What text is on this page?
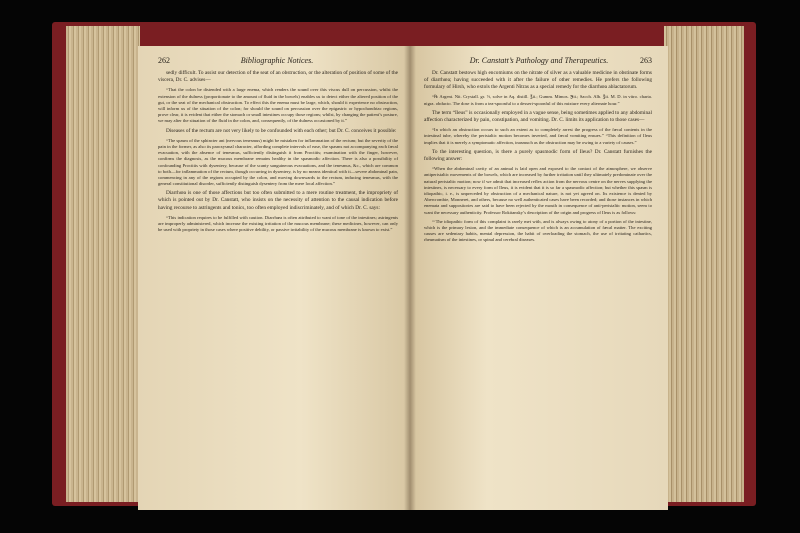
262	Bibliographic Notices.

sedly difficult. To assist our detection of the seat of an obstruction, or the alteration of position of some of the viscera, Dr. C. advises—

“That the colon be distended with a large enema, which renders the sound over this viscus dull on percussion, whilst the extension of the dulness (proportionate to the amount of fluid in the bowels) enables us to detect either the altered position of the gut, or the seat of the mechanical obstruction. To effect this the enema must be large, which, should it experience no obstruction, will inform us of the situation of the colon; for should the sound on percussion over the epigastric or hypochondriac regions, prove clear, it is evident that either the stomach or small intestines occupy those regions; whilst, by changing the patient’s posture, we may alter the situation of the fluid in the colon, and, consequently, of the dulness occasioned by it.”

Diseases of the rectum are not very likely to be confounded with each other; but Dr. C. conceives it possible:

“The spasm of the sphincter ani (nervous tenesmus) might be mistaken for inflammation of the rectum; but the severity of the pain in the former, as also its paroxysmal character, affording complete intervals of ease, the spasms not accompanying each fæcal evacuation, with the absence of tenesmus, sufficiently distinguish it from Proctitis; examination with the finger, however, confirms the diagnosis, as the mucous membrane remains healthy in the spasmodic affection. There is also a possibility of confounding Proctitis with dysentery, because of the scanty sanguineous evacuations, and the tenesmus, &c., which are common to both—for inflammation of the rectum, though occurring in dysentery, is by no means identical with it—severe abdominal pain, commencing in any of the regions occupied by the colon, and moving downwards to the rectum, inducing tenesmus, with the general constitutional disorder, sufficiently distinguish dysentery from the mere local affection.”

Diarrhœa is one of those affections but too often submitted to a mere routine treatment, the impropriety of which is pointed out by Dr. Canstatt, who insists on the necessity of attention to the causal indication before having recourse to astringents and tonics, too often employed indiscriminately, and of which Dr. C. says:

“This indication requires to be fulfilled with caution. Diarrhœa is often attributed to want of tone of the intestines; astringents are improperly administered, which increase the existing irritation of the mucous membrane; these medicines, however, can only be used with propriety in those cases where positive debility, or passive irritability of the mucous membrane is known to exist.”

Dr. Canstatt’s Pathology and Therapeutics.	263

Dr. Canstatt bestows high encomiums on the nitrate of silver as a valuable medicine in obstinate forms of diarrhœa; having succeeded with it after the failure of other remedies. He prefers the following formulary of Hirsh, who extols the Argenti Nitras as a special remedy for the diarrhœa ablactatorum.

“℞ Argent. Nit. Crystall. gr. ½, solve in Aq. distill. ℥ii.; Gumm. Mimos. ℈ii.; Sacch. Alb. ℥ii. M. D. in vitro. charta. nigra. obducto. The dose is from a tea-spoonful to a dessert-spoonful of this mixture every alternate hour.”

The term “Ileus” is occasionally employed in a vague sense, being sometimes applied to any abdominal affection characterized by pain, constipation, and vomiting. Dr. C. limits its application to those cases—

“In which an obstruction occurs to such an extent as to completely arrest the progress of the fæcal contents in the intestinal tube, whereby the peristaltic motion becomes inverted, and fæcal vomiting ensues.” “This definition of Ileus implies that it is merely a symptomatic affection, inasmuch as the obstruction may be owing to a variety of causes.”

To the interesting question, is there a purely spasmodic form of Ileus? Dr. Canstatt furnishes the following answer:

“When the abdominal cavity of an animal is laid open and exposed to the contact of the atmosphere, we observe antiperistaltic movements of the bowels, which are increased by further irritation until they ultimately predominate over the natural peristaltic motion; now if we admit that increased reflex action from the nervous centre on the nerves supplying the intestines, is necessary to every form of Ileus, it is evident that it is so far a spasmodic affection; but whether this spasm is idiopathic, i. e., is unpreceded by obstruction of a mechanical nature, is not yet agreed on. Its existence is denied by Abercrombie, Monneret, and others, because no well authenticated cases have been recorded; and those instances in which enemata and suppositories are said to have been rejected by the mouth in consequence of anti-peristaltic motion, seem to want the necessary authenticity. Professor Rokitansky’s description of the origin and progress of Ileus is as follows:

“‘The idiopathic form of this complaint is rarely met with, and is always owing to atony of a portion of the intestine, which is the primary lesion, and the immediate consequence of which is an accumulation of fæcal matter. The exciting causes are sedentary habits, mental depression, the habit of overloading the stomach, the use of irritating cathartics, rheumatism of the intestines, or spinal and cerebral diseases.
